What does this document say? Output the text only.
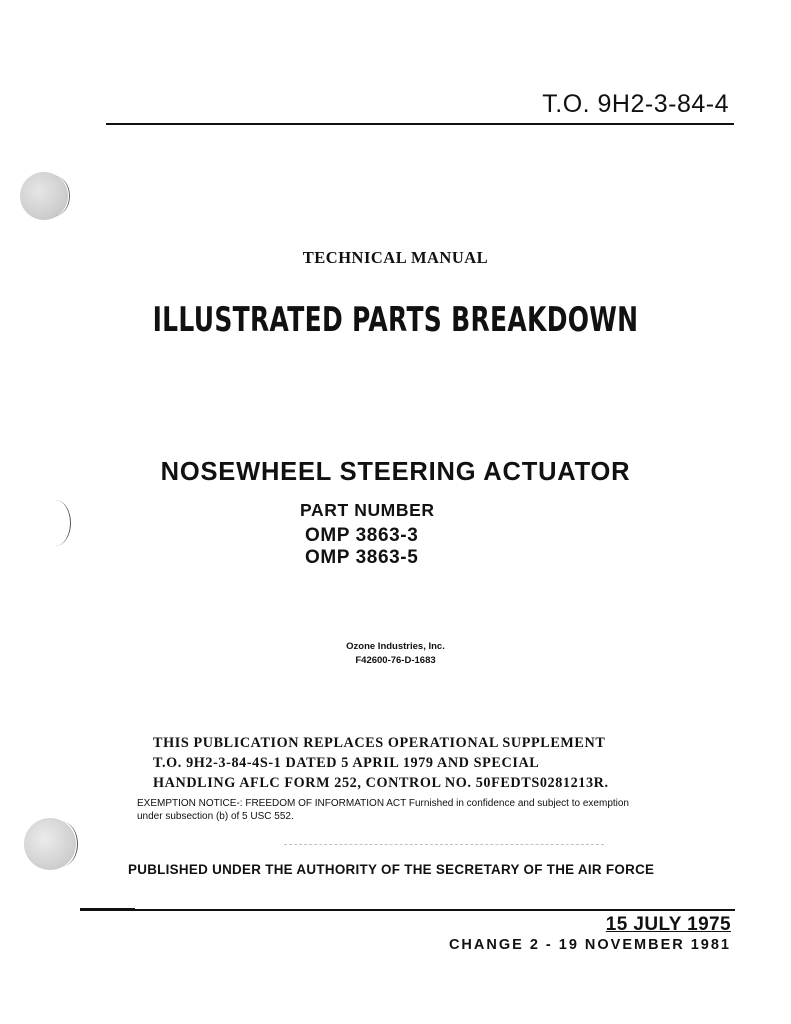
T.O. 9H2-3-84-4
TECHNICAL MANUAL
ILLUSTRATED PARTS BREAKDOWN
NOSEWHEEL STEERING ACTUATOR
PART NUMBER
OMP 3863-3
OMP 3863-5
Ozone Industries, Inc.
F42600-76-D-1683
THIS PUBLICATION REPLACES OPERATIONAL SUPPLEMENT
T.O. 9H2-3-84-4S-1 DATED 5 APRIL 1979 AND SPECIAL
HANDLING AFLC FORM 252, CONTROL NO. 50FEDTS0281213R.
EXEMPTION NOTICE-: FREEDOM OF INFORMATION ACT Furnished in confidence and subject to exemption under subsection (b) of 5 USC 552.
PUBLISHED UNDER THE AUTHORITY OF THE SECRETARY OF THE AIR FORCE
15 JULY 1975
CHANGE 2 - 19 NOVEMBER 1981
